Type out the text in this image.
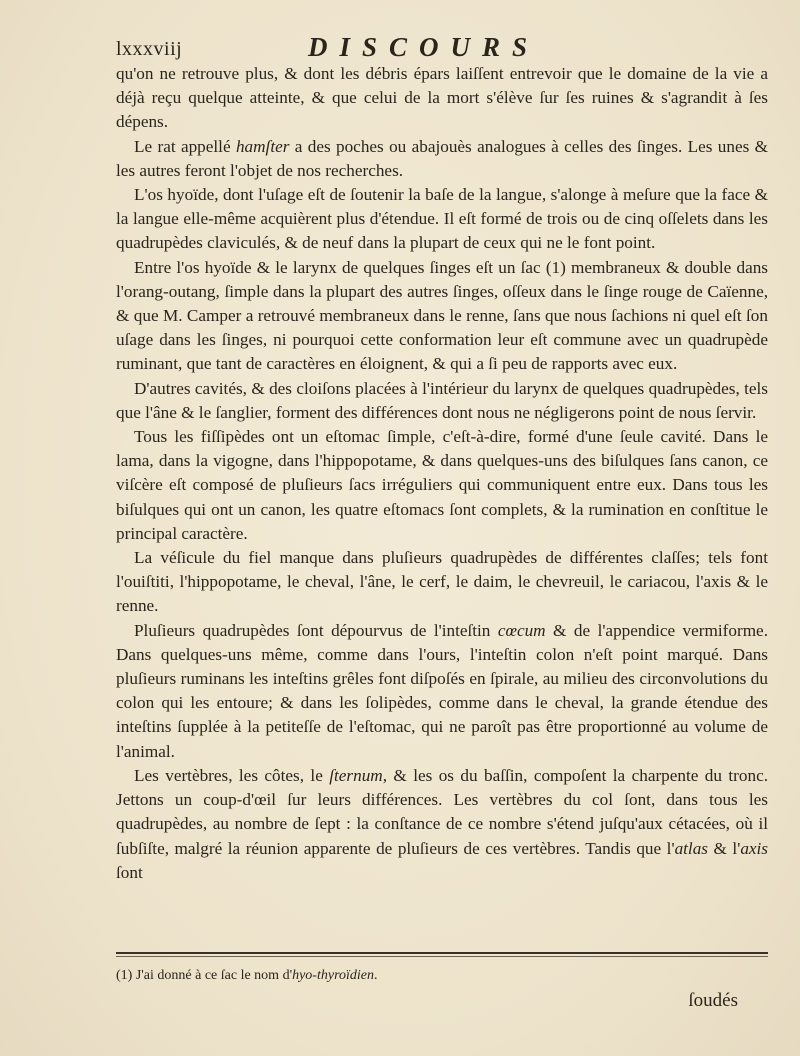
lxxxviij	DISCOURS

qu'on ne retrouve plus, & dont les débris épars laiſſent entrevoir que le domaine de la vie a déjà reçu quelque atteinte, & que celui de la mort s'élève ſur ſes ruines & s'agrandit à ſes dépens.

Le rat appellé hamſter a des poches ou abajouès analogues à celles des ſinges. Les unes & les autres feront l'objet de nos recherches.

L'os hyoïde, dont l'uſage eſt de ſoutenir la baſe de la langue, s'alonge à meſure que la face & la langue elle-même acquièrent plus d'étendue. Il eſt formé de trois ou de cinq oſſelets dans les quadrupèdes claviculés, & de neuf dans la plupart de ceux qui ne le font point.

Entre l'os hyoïde & le larynx de quelques ſinges eſt un ſac (1) membraneux & double dans l'orang-outang, ſimple dans la plupart des autres ſinges, oſſeux dans le ſinge rouge de Caïenne, & que M. Camper a retrouvé membraneux dans le renne, ſans que nous ſachions ni quel eſt ſon uſage dans les ſinges, ni pourquoi cette conformation leur eſt commune avec un quadrupède ruminant, que tant de caractères en éloignent, & qui a ſi peu de rapports avec eux.

D'autres cavités, & des cloiſons placées à l'intérieur du larynx de quelques quadrupèdes, tels que l'âne & le ſanglier, forment des différences dont nous ne négligerons point de nous ſervir.

Tous les fiſſipèdes ont un eſtomac ſimple, c'eſt-à-dire, formé d'une ſeule cavité. Dans le lama, dans la vigogne, dans l'hippopotame, & dans quelques-uns des biſulques ſans canon, ce viſcère eſt composé de pluſieurs ſacs irréguliers qui communiquent entre eux. Dans tous les biſulques qui ont un canon, les quatre eſtomacs ſont complets, & la rumination en conſtitue le principal caractère.

La véſicule du fiel manque dans pluſieurs quadrupèdes de différentes claſſes; tels font l'ouiſtiti, l'hippopotame, le cheval, l'âne, le cerf, le daim, le chevreuil, le cariacou, l'axis & le renne.

Pluſieurs quadrupèdes ſont dépourvus de l'inteſtin cœcum & de l'appendice vermiforme. Dans quelques-uns même, comme dans l'ours, l'inteſtin colon n'eſt point marqué. Dans pluſieurs ruminans les inteſtins grêles font diſpoſés en ſpirale, au milieu des circonvolutions du colon qui les entoure; & dans les ſolipèdes, comme dans le cheval, la grande étendue des inteſtins ſupplée à la petiteſſe de l'eſtomac, qui ne paroît pas être proportionné au volume de l'animal.

Les vertèbres, les côtes, le ſternum, & les os du baſſin, compoſent la charpente du tronc. Jettons un coup-d'œil ſur leurs différences. Les vertèbres du col ſont, dans tous les quadrupèdes, au nombre de ſept : la conſtance de ce nombre s'étend juſqu'aux cétacées, où il ſubſiſte, malgré la réunion apparente de pluſieurs de ces vertèbres. Tandis que l'atlas & l'axis ſont

(1) J'ai donné à ce ſac le nom d'hyo-thyroïdien.
ſoudés
